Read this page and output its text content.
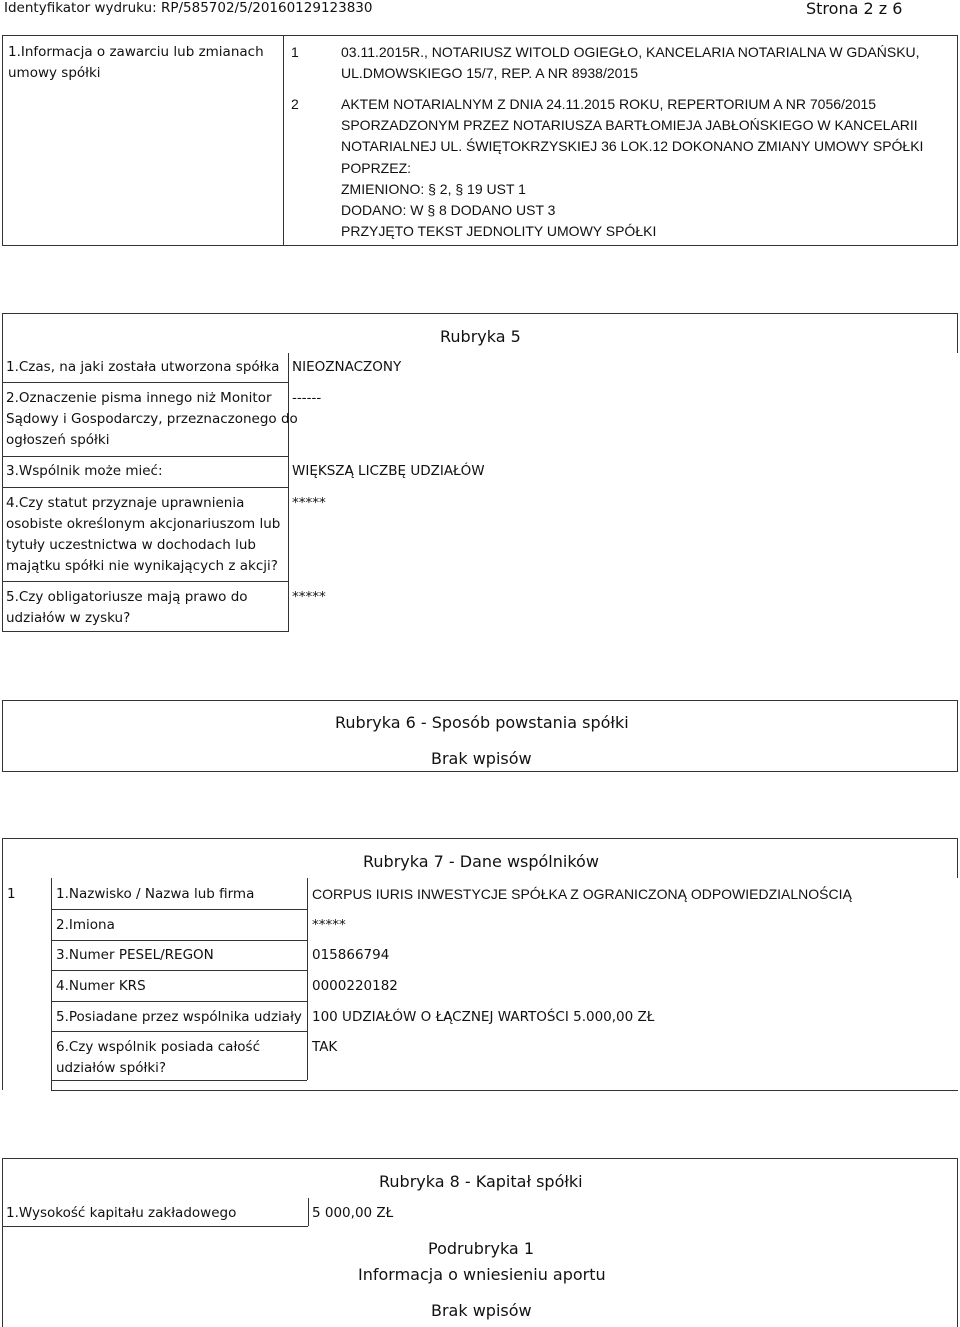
Identyfikator wydruku: RP/585702/5/20160129123830	Strona 2 z 6
1.Informacja o zawarciu lub zmianach
umowy spółki
1	03.11.2015R., NOTARIUSZ WITOLD OGIEGŁO, KANCELARIA NOTARIALNA W GDAŃSKU,
UL.DMOWSKIEGO 15/7, REP. A NR 8938/2015
2	AKTEM NOTARIALNYM Z DNIA 24.11.2015 ROKU, REPERTORIUM A NR 7056/2015
SPORZADZONYM PRZEZ NOTARIUSZA BARTŁOMIEJA JABŁOŃSKIEGO W KANCELARII
NOTARIALNEJ UL. ŚWIĘTOKRZYSKIEJ 36 LOK.12 DOKONANO ZMIANY UMOWY SPÓŁKI
POPRZEZ:
ZMIENIONO: § 2, § 19 UST 1
DODANO: W § 8 DODANO UST 3
PRZYJĘTO TEKST JEDNOLITY UMOWY SPÓŁKI
Rubryka 5
1.Czas, na jaki została utworzona spółka NIEOZNACZONY
2.Oznaczenie pisma innego niż Monitor
Sądowy i Gospodarczy, przeznaczonego do
ogłoszeń spółki
------
3.Wspólnik może mieć:	WIĘKSZĄ LICZBĘ UDZIAŁÓW
4.Czy statut przyznaje uprawnienia
osobiste określonym akcjonariuszom lub
tytuły uczestnictwa w dochodach lub
majątku spółki nie wynikających z akcji?
*****
5.Czy obligatoriusze mają prawo do
udziałów w zysku?
*****
Rubryka 6 - Sposób powstania spółki
Brak wpisów
Rubryka 7 - Dane wspólników
1	1.Nazwisko / Nazwa lub firma	CORPUS IURIS INWESTYCJE SPÓŁKA Z OGRANICZONĄ ODPOWIEDZIALNOŚCIĄ
2.Imiona	*****
3.Numer PESEL/REGON	015866794
4.Numer KRS	0000220182
5.Posiadane przez wspólnika udziały 100 UDZIAŁÓW O ŁĄCZNEJ WARTOŚCI 5.000,00 ZŁ
6.Czy wspólnik posiada całość
udziałów spółki?
TAK
Rubryka 8 - Kapitał spółki
1.Wysokość kapitału zakładowego	5 000,00 ZŁ
Podrubryka 1
Informacja o wniesieniu aportu
Brak wpisów
